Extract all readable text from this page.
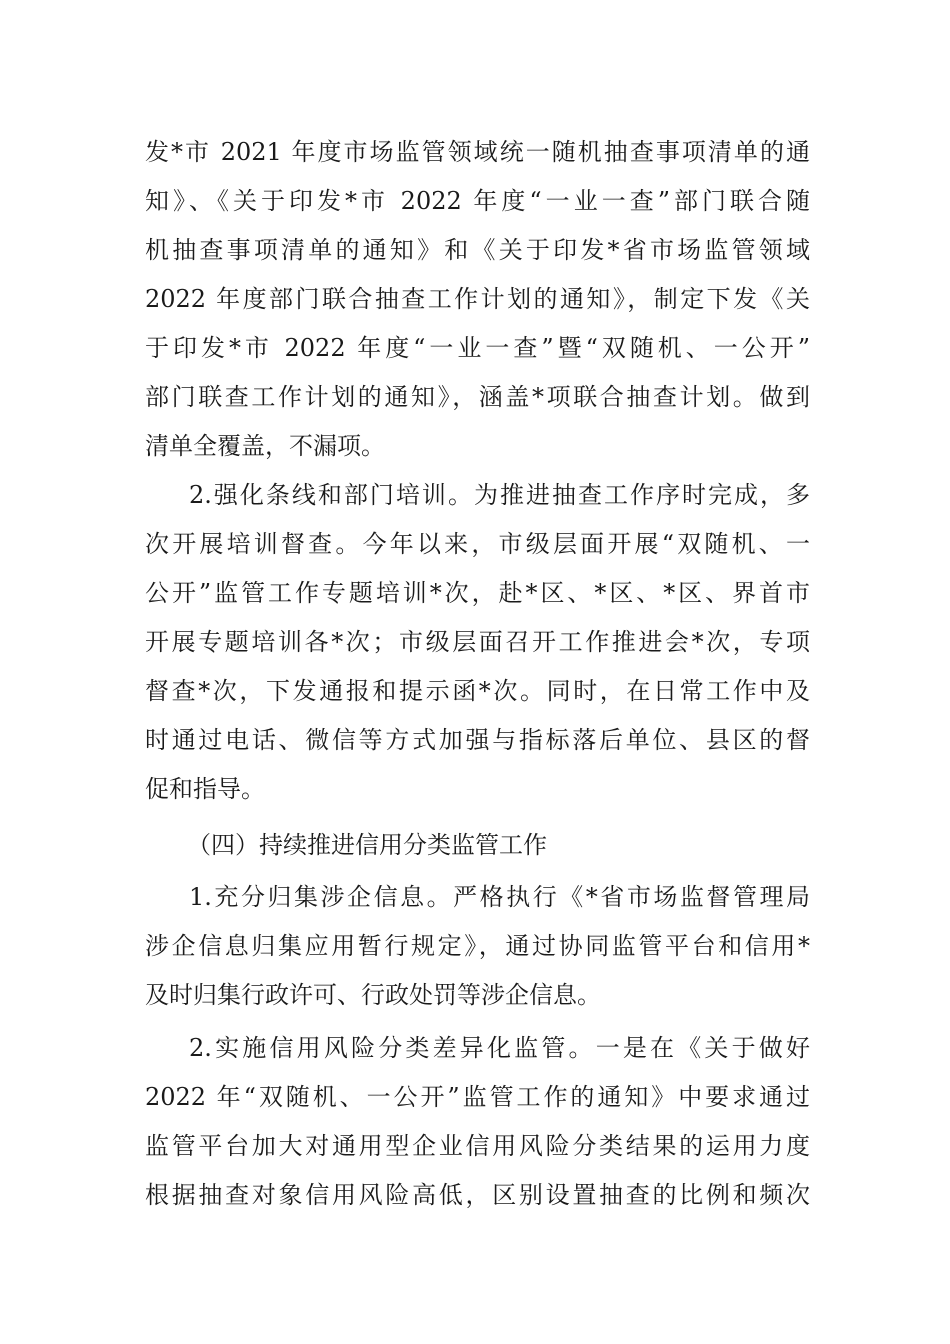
发*市 2021 年度市场监管领域统一随机抽查事项清单的通
知》、《关于印发*市 2022 年度“一业一查”部门联合随
机抽查事项清单的通知》和《关于印发*省市场监管领域
2022 年度部门联合抽查工作计划的通知》，制定下发《关
于印发*市 2022 年度“一业一查”暨“双随机、一公开”
部门联查工作计划的通知》，涵盖*项联合抽查计划。做到
清单全覆盖，不漏项。
2.强化条线和部门培训。为推进抽查工作序时完成，多
次开展培训督查。今年以来，市级层面开展“双随机、一
公开”监管工作专题培训*次，赴*区、*区、*区、界首市
开展专题培训各*次；市级层面召开工作推进会*次，专项
督查*次，下发通报和提示函*次。同时，在日常工作中及
时通过电话、微信等方式加强与指标落后单位、县区的督
促和指导。
（四）持续推进信用分类监管工作
1.充分归集涉企信息。严格执行《*省市场监督管理局
涉企信息归集应用暂行规定》，通过协同监管平台和信用*
及时归集行政许可、行政处罚等涉企信息。
2.实施信用风险分类差异化监管。一是在《关于做好
2022 年“双随机、一公开”监管工作的通知》中要求通过
监管平台加大对通用型企业信用风险分类结果的运用力度
根据抽查对象信用风险高低，区别设置抽查的比例和频次
